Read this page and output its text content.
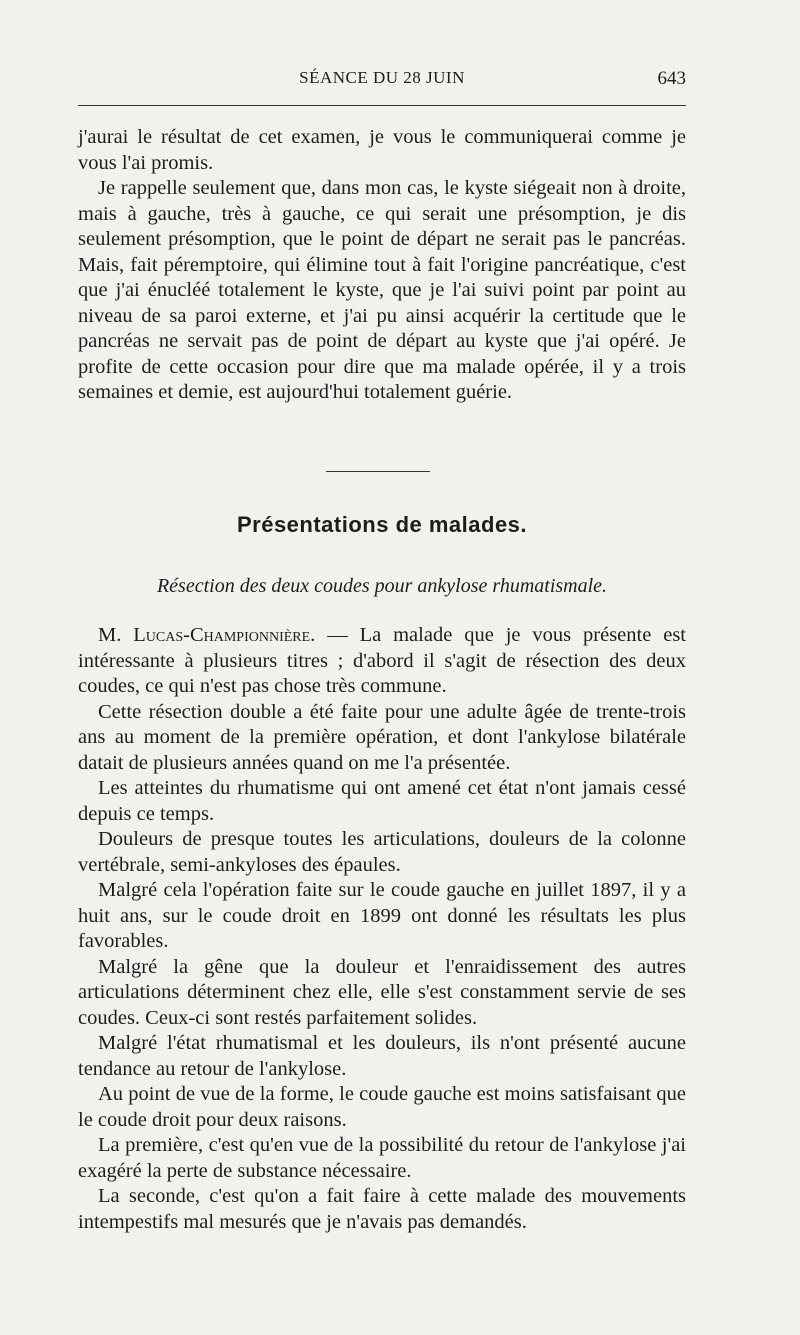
SÉANCE DU 28 JUIN	643

j'aurai le résultat de cet examen, je vous le communiquerai comme je vous l'ai promis.

Je rappelle seulement que, dans mon cas, le kyste siégeait non à droite, mais à gauche, très à gauche, ce qui serait une présomption, je dis seulement présomption, que le point de départ ne serait pas le pancréas. Mais, fait péremptoire, qui élimine tout à fait l'origine pancréatique, c'est que j'ai énucléé totalement le kyste, que je l'ai suivi point par point au niveau de sa paroi externe, et j'ai pu ainsi acquérir la certitude que le pancréas ne servait pas de point de départ au kyste que j'ai opéré. Je profite de cette occasion pour dire que ma malade opérée, il y a trois semaines et demie, est aujourd'hui totalement guérie.

Présentations de malades.
Résection des deux coudes pour ankylose rhumatismale.

M. Lucas-Championnière. — La malade que je vous présente est intéressante à plusieurs titres ; d'abord il s'agit de résection des deux coudes, ce qui n'est pas chose très commune.

Cette résection double a été faite pour une adulte âgée de trente-trois ans au moment de la première opération, et dont l'ankylose bilatérale datait de plusieurs années quand on me l'a présentée.

Les atteintes du rhumatisme qui ont amené cet état n'ont jamais cessé depuis ce temps.

Douleurs de presque toutes les articulations, douleurs de la colonne vertébrale, semi-ankyloses des épaules.

Malgré cela l'opération faite sur le coude gauche en juillet 1897, il y a huit ans, sur le coude droit en 1899 ont donné les résultats les plus favorables.

Malgré la gêne que la douleur et l'enraidissement des autres articulations déterminent chez elle, elle s'est constamment servie de ses coudes. Ceux-ci sont restés parfaitement solides.

Malgré l'état rhumatismal et les douleurs, ils n'ont présenté aucune tendance au retour de l'ankylose.

Au point de vue de la forme, le coude gauche est moins satisfaisant que le coude droit pour deux raisons.

La première, c'est qu'en vue de la possibilité du retour de l'ankylose j'ai exagéré la perte de substance nécessaire.

La seconde, c'est qu'on a fait faire à cette malade des mouvements intempestifs mal mesurés que je n'avais pas demandés.
